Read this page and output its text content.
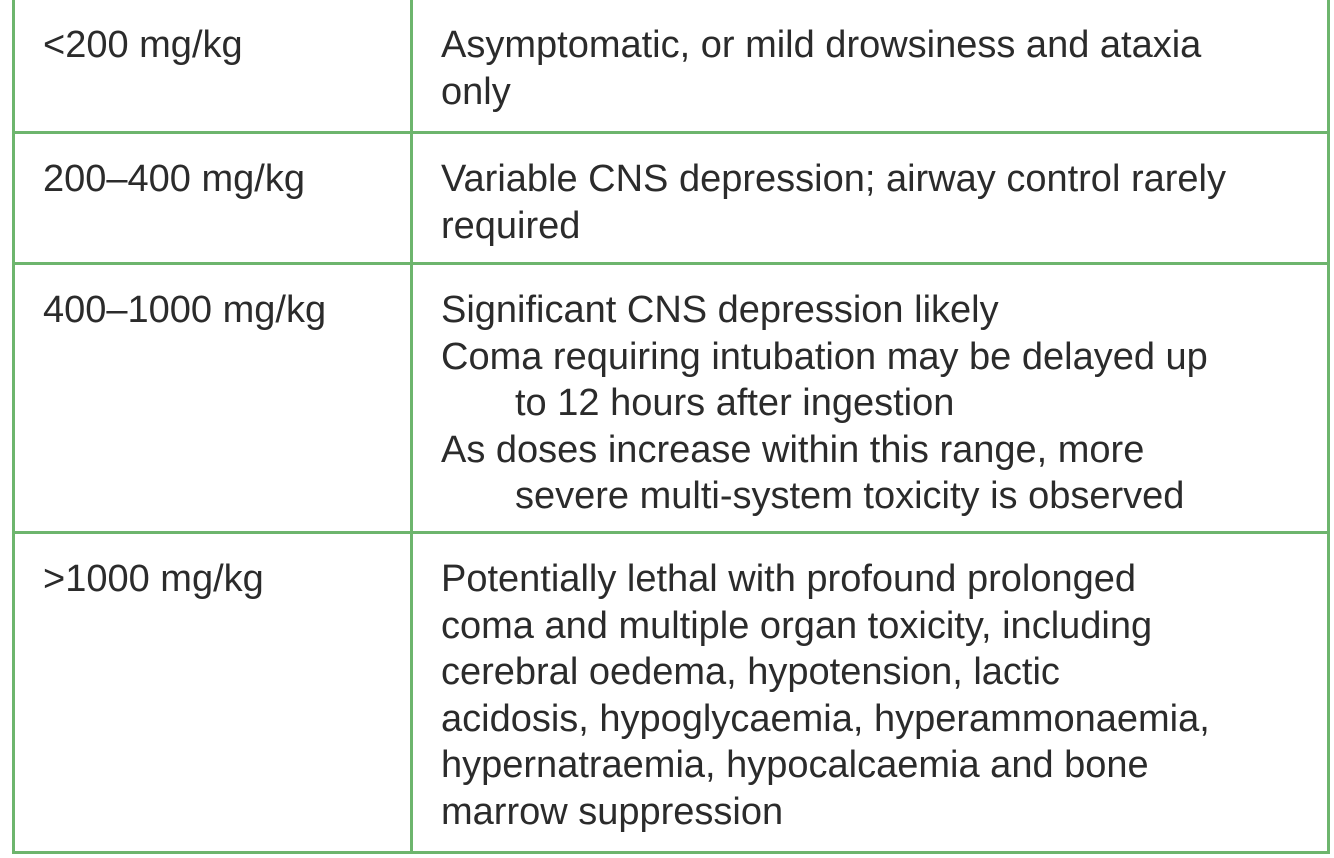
<200 mg/kg	Asymptomatic, or mild drowsiness and ataxia
only
200–400 mg/kg	Variable CNS depression; airway control rarely
required
400–1000 mg/kg	Significant CNS depression likely
Coma requiring intubation may be delayed up
to 12 hours after ingestion
As doses increase within this range, more
severe multi-system toxicity is observed
>1000 mg/kg	Potentially lethal with profound prolonged
coma and multiple organ toxicity, including
cerebral oedema, hypotension, lactic
acidosis, hypoglycaemia, hyperammonaemia,
hypernatraemia, hypocalcaemia and bone
marrow suppression
